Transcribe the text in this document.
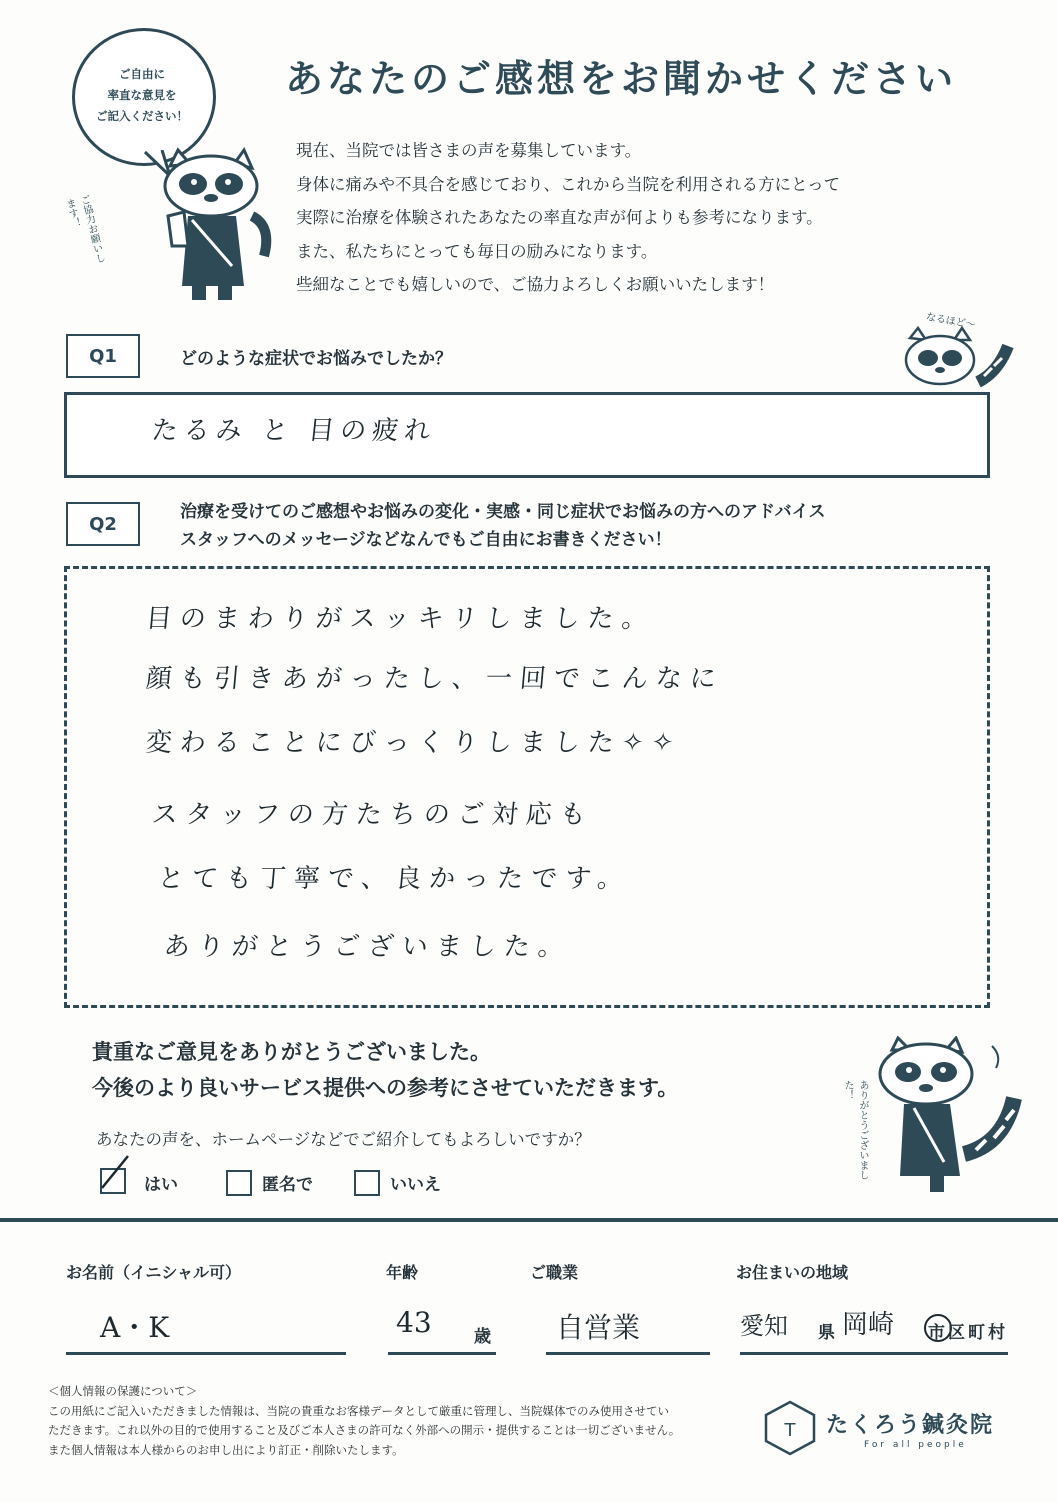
ご自由に
率直な意見を
ご記入ください！
ご協力お願いします！
あなたのご感想をお聞かせください
現在、当院では皆さまの声を募集しています。
身体に痛みや不具合を感じており、これから当院を利用される方にとって
実際に治療を体験されたあなたの率直な声が何よりも参考になります。
また、私たちにとっても毎日の励みになります。
些細なことでも嬉しいので、ご協力よろしくお願いいたします！
Q1	どのような症状でお悩みでしたか？
なるほど〜
たるみ と 目の疲れ
Q2
治療を受けてのご感想やお悩みの変化・実感・同じ症状でお悩みの方へのアドバイス
スタッフへのメッセージなどなんでもご自由にお書きください！
目のまわりがスッキリしました。
顔も引きあがったし、一回でこんなに
変わることにびっくりしました✧✧
スタッフの方たちのご対応も
とても丁寧で、良かったです。
ありがとうございました。
貴重なご意見をありがとうございました。
今後のより良いサービス提供への参考にさせていただきます。	ありがとうございました！
あなたの声を、ホームページなどでご紹介してもよろしいですか？
はい	匿名で	いいえ
お名前（イニシャル可）
A・K
年齢
43 歳
ご職業
自営業
お住まいの地域
愛知 県 岡崎 市 区 町 村
＜個人情報の保護について＞
この用紙にご記入いただきました情報は、当院の貴重なお客様データとして厳重に管理し、当院媒体でのみ使用させてい
ただきます。これ以外の目的で使用すること及びご本人さまの許可なく外部への開示・提供することは一切ございません。
また個人情報は本人様からのお申し出により訂正・削除いたします。
T たくろう鍼灸院
For all people
